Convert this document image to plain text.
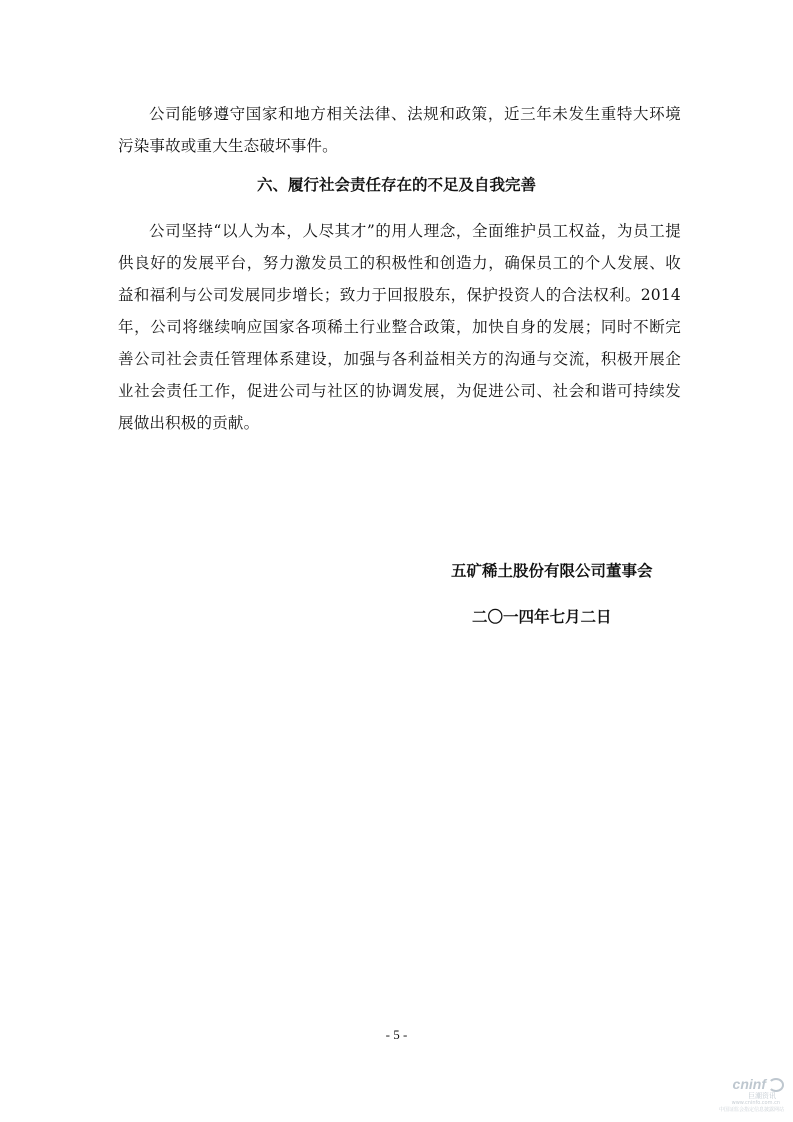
公司能够遵守国家和地方相关法律、法规和政策，近三年未发生重特大环境污染事故或重大生态破坏事件。

六、履行社会责任存在的不足及自我完善

公司坚持“以人为本，人尽其才”的用人理念，全面维护员工权益，为员工提供良好的发展平台，努力激发员工的积极性和创造力，确保员工的个人发展、收益和福利与公司发展同步增长；致力于回报股东，保护投资人的合法权利。2014年，公司将继续响应国家各项稀土行业整合政策，加快自身的发展；同时不断完善公司社会责任管理体系建设，加强与各利益相关方的沟通与交流，积极开展企业社会责任工作，促进公司与社区的协调发展，为促进公司、社会和谐可持续发展做出积极的贡献。

五矿稀土股份有限公司董事会

二〇一四年七月二日

- 5 -

cninf
巨潮资讯
www.cninfo.com.cn
中国证监会指定信息披露网站
